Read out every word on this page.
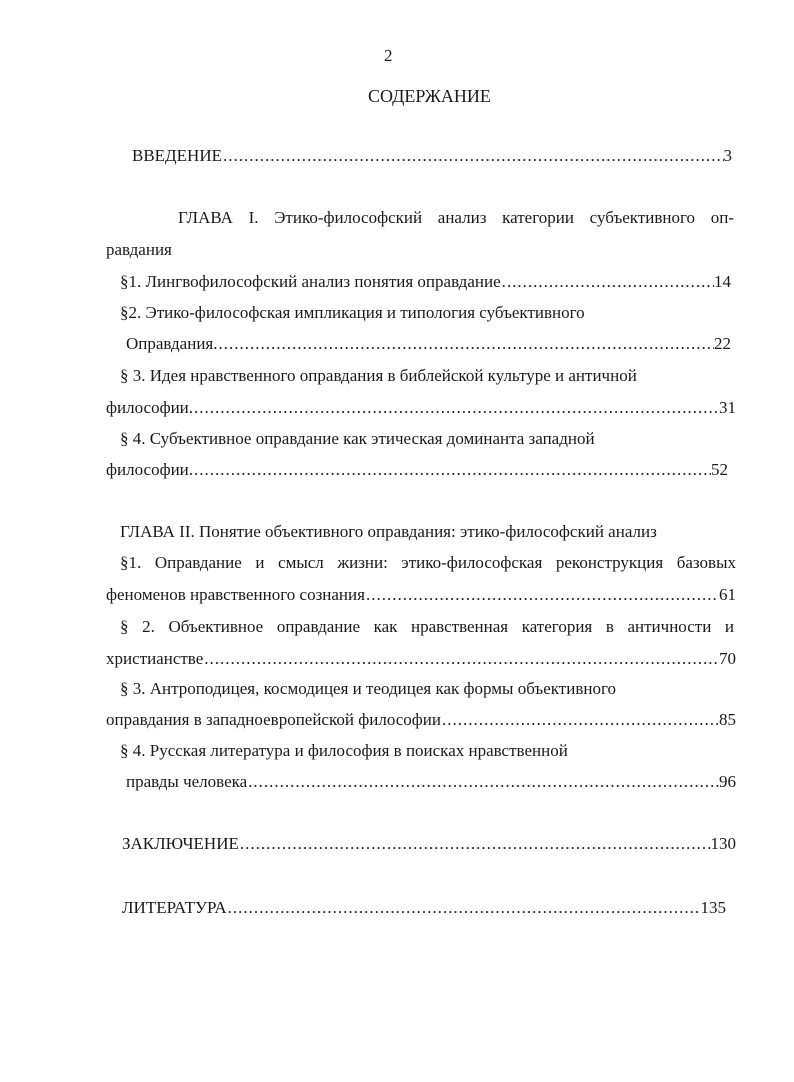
2
СОДЕРЖАНИЕ
ВВЕДЕНИЕ .....	3
ГЛАВА I. Этико-философский анализ категории субъективного оп-
равдания
§1. Лингвофилософский анализ понятия оправдание .....	14
§2. Этико-философская импликация и типология субъективного
Оправдания. .....	22
§ 3. Идея нравственного оправдания в библейской культуре и античной
философии. .....	31
§ 4. Субъективное оправдание как этическая доминанта западной
философии. .....	52
ГЛАВА II. Понятие объективного оправдания: этико-философский анализ
§1. Оправдание и смысл жизни: этико-философская реконструкция базовых
феноменов нравственного сознания .....	61
§ 2. Объективное оправдание как нравственная категория в античности и
христианстве .....	70
§ 3. Антроподицея, космодицея и теодицея как формы объективного
оправдания в западноевропейской философии .....	85
§ 4. Русская литература и философия в поисках нравственной
правды человека .....	96
ЗАКЛЮЧЕНИЕ .....	130
ЛИТЕРАТУРА .....	135
